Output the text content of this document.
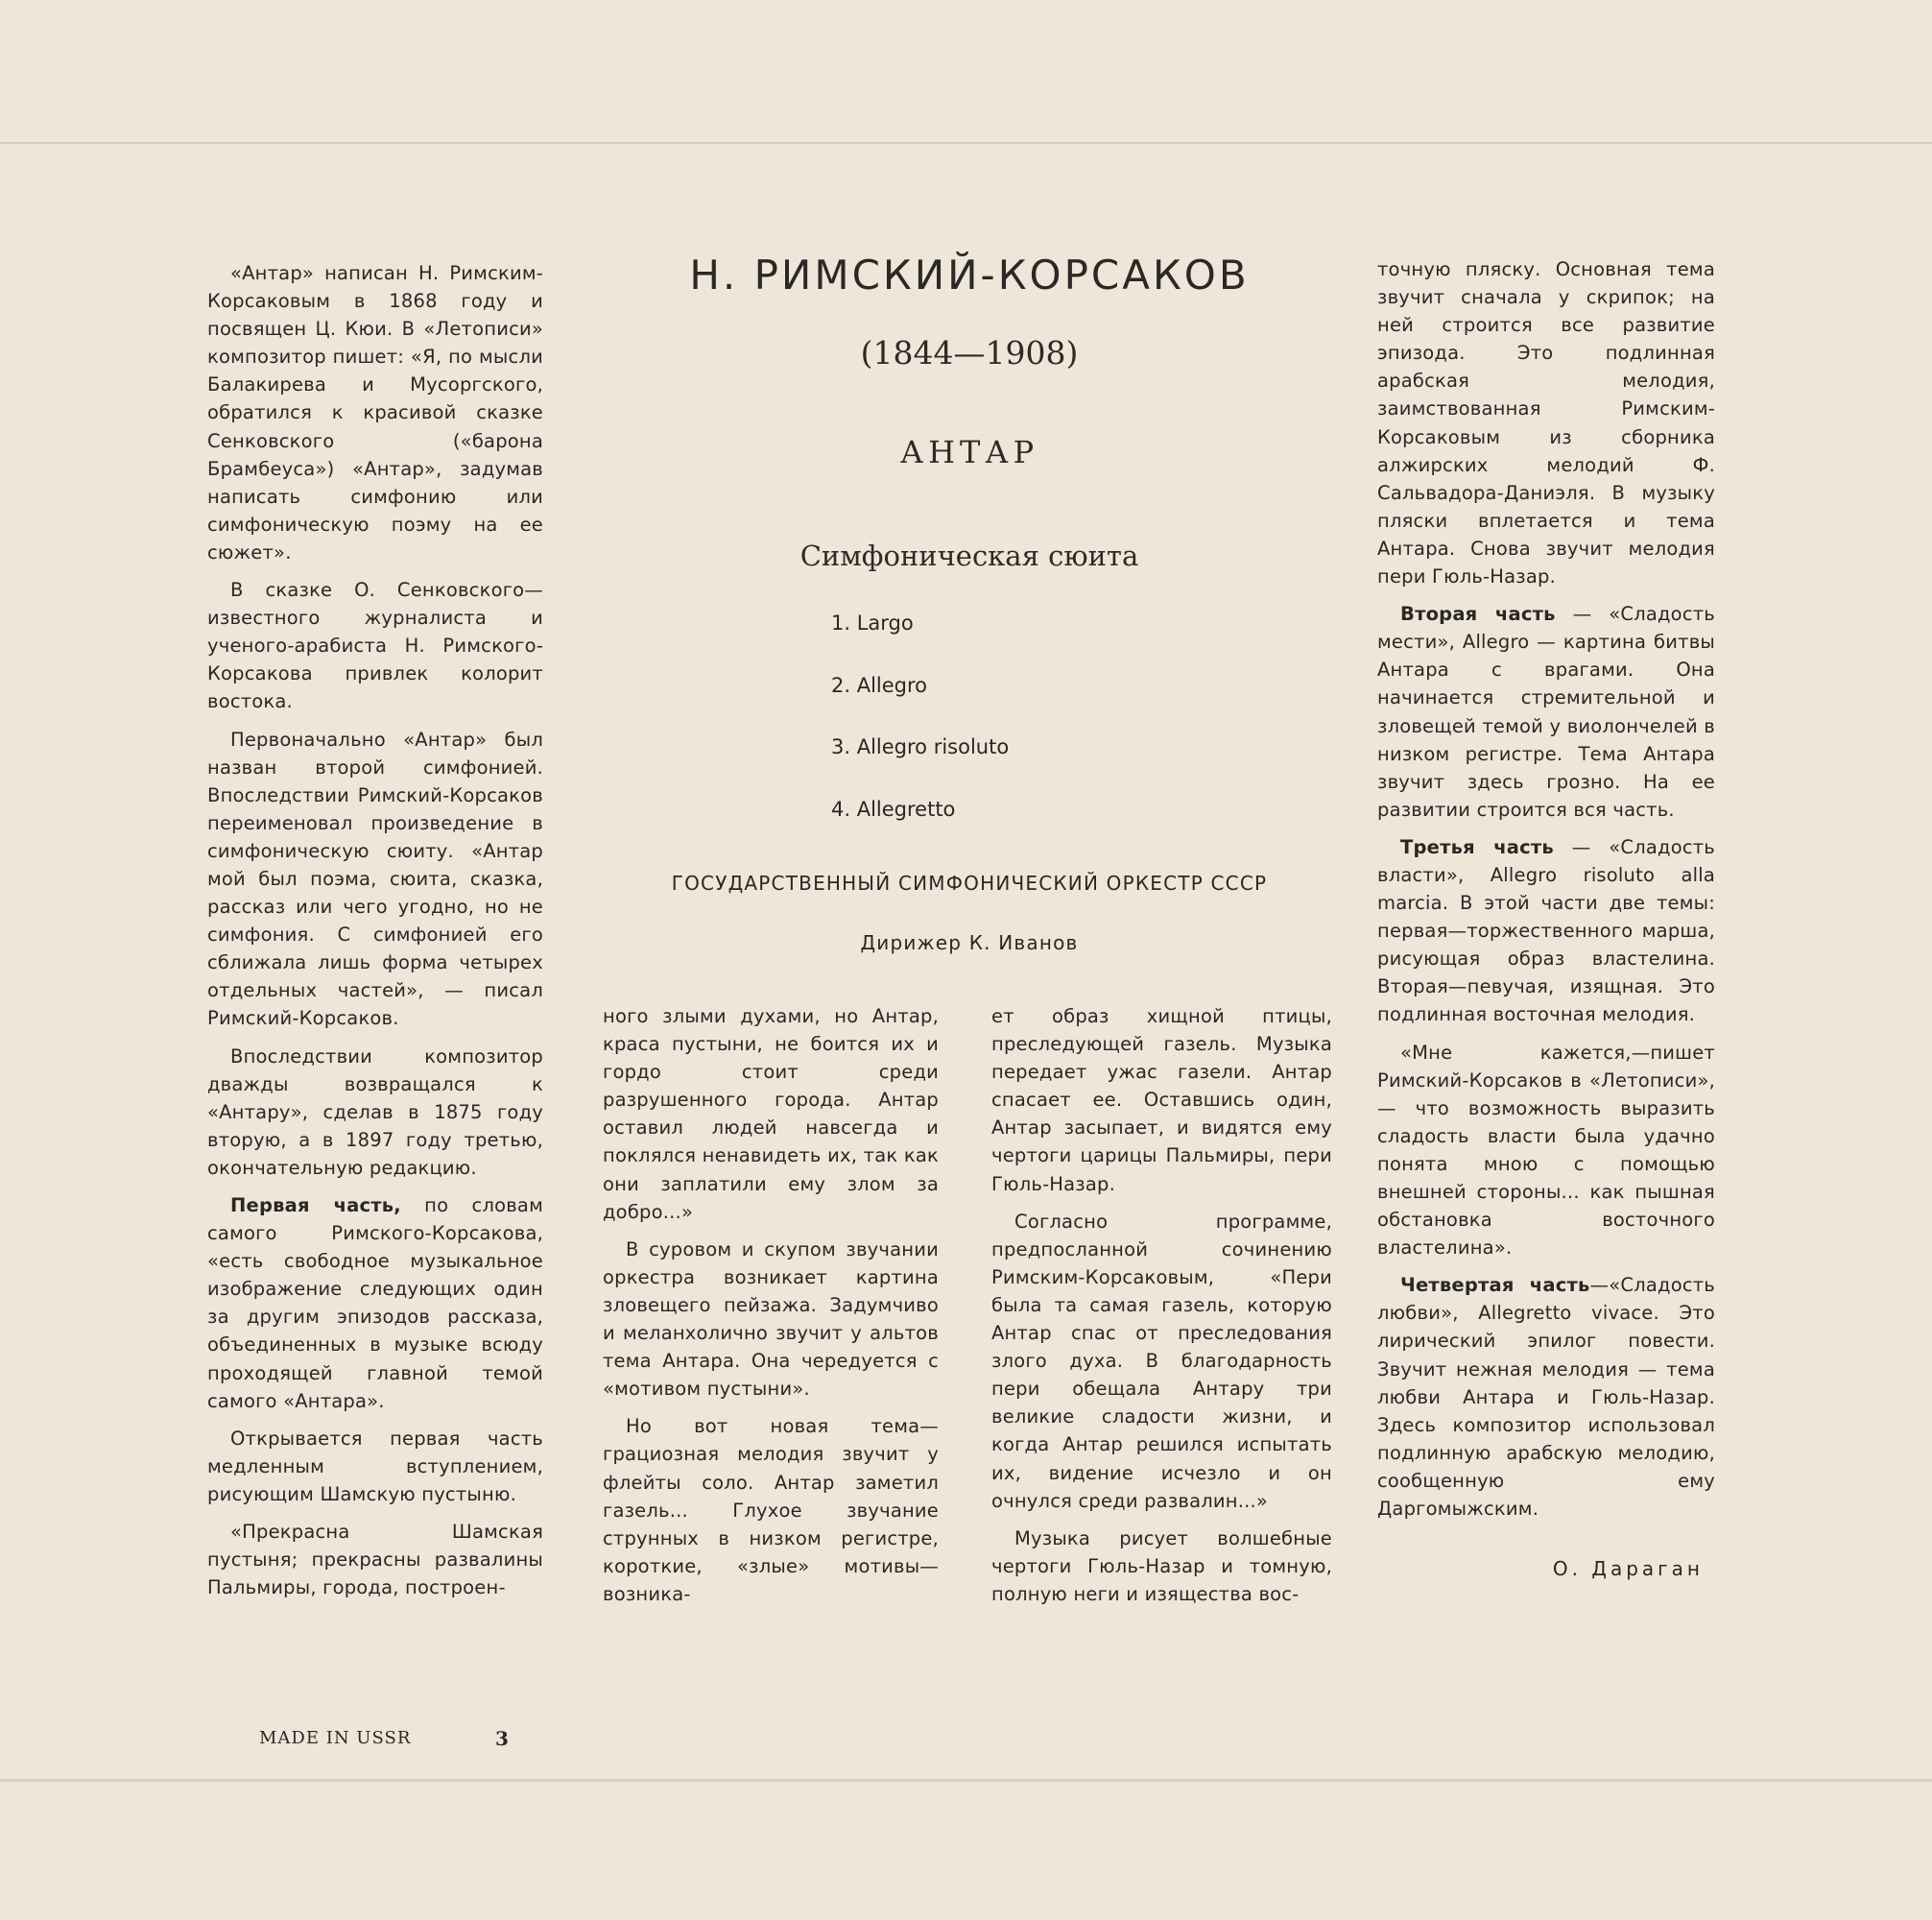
Н. РИМСКИЙ-КОРСАКОВ
(1844—1908)
АНТАР
Симфоническая сюита
1. Largo
2. Allegro
3. Allegro risoluto
4. Allegretto
ГОСУДАРСТВЕННЫЙ СИМФОНИЧЕСКИЙ ОРКЕСТР СССР
Дирижер К. Иванов

«Антар» написан Н. Римским-Корсаковым в 1868 году и посвящен Ц. Кюи. В «Летописи» композитор пишет: «Я, по мысли Балакирева и Мусоргского, обратился к красивой сказке Сенковского («барона Брамбеуса») «Антар», задумав написать симфонию или симфоническую поэму на ее сюжет».

В сказке О. Сенковского— известного журналиста и ученого-арабиста Н. Римского-Корсакова привлек колорит востока.

Первоначально «Антар» был назван второй симфонией. Впоследствии Римский-Корсаков переименовал произведение в симфоническую сюиту. «Антар мой был поэма, сюита, сказка, рассказ или чего угодно, но не симфония. С симфонией его сближала лишь форма четырех отдельных частей», — писал Римский-Корсаков.

Впоследствии композитор дважды возвращался к «Антару», сделав в 1875 году вторую, а в 1897 году третью, окончательную редакцию.

Первая часть, по словам самого Римского-Корсакова, «есть свободное музыкальное изображение следующих один за другим эпизодов рассказа, объединенных в музыке всюду проходящей главной темой самого «Антара».

Открывается первая часть медленным вступлением, рисующим Шамскую пустыню.

«Прекрасна Шамская пустыня; прекрасны развалины Пальмиры, города, построен-

ного злыми духами, но Антар, краса пустыни, не боится их и гордо стоит среди разрушенного города. Антар оставил людей навсегда и поклялся ненавидеть их, так как они заплатили ему злом за добро...»

В суровом и скупом звучании оркестра возникает картина зловещего пейзажа. Задумчиво и меланхолично звучит у альтов тема Антара. Она чередуется с «мотивом пустыни».

Но вот новая тема—грациозная мелодия звучит у флейты соло. Антар заметил газель... Глухое звучание струнных в низком регистре, короткие, «злые» мотивы—возника-

ет образ хищной птицы, преследующей газель. Музыка передает ужас газели. Антар спасает ее. Оставшись один, Антар засыпает, и видятся ему чертоги царицы Пальмиры, пери Гюль-Назар.

Согласно программе, предпосланной сочинению Римским-Корсаковым, «Пери была та самая газель, которую Антар спас от преследования злого духа. В благодарность пери обещала Антару три великие сладости жизни, и когда Антар решился испытать их, видение исчезло и он очнулся среди развалин...»

Музыка рисует волшебные чертоги Гюль-Назар и томную, полную неги и изящества вос-

точную пляску. Основная тема звучит сначала у скрипок; на ней строится все развитие эпизода. Это подлинная арабская мелодия, заимствованная Римским-Корсаковым из сборника алжирских мелодий Ф. Сальвадора-Даниэля. В музыку пляски вплетается и тема Антара. Снова звучит мелодия пери Гюль-Назар.

Вторая часть — «Сладость мести», Allegro — картина битвы Антара с врагами. Она начинается стремительной и зловещей темой у виолончелей в низком регистре. Тема Антара звучит здесь грозно. На ее развитии строится вся часть.

Третья часть — «Сладость власти», Allegro risoluto alla marcia. В этой части две темы: первая—торжественного марша, рисующая образ властелина. Вторая—певучая, изящная. Это подлинная восточная мелодия.

«Мне кажется,—пишет Римский-Корсаков в «Летописи»,— что возможность выразить сладость власти была удачно понята мною с помощью внешней стороны... как пышная обстановка восточного властелина».

Четвертая часть—«Сладость любви», Allegretto vivace. Это лирический эпилог повести. Звучит нежная мелодия — тема любви Антара и Гюль-Назар. Здесь композитор использовал подлинную арабскую мелодию, сообщенную ему Даргомыжским.

О. Дараган
MADE IN USSR	3
